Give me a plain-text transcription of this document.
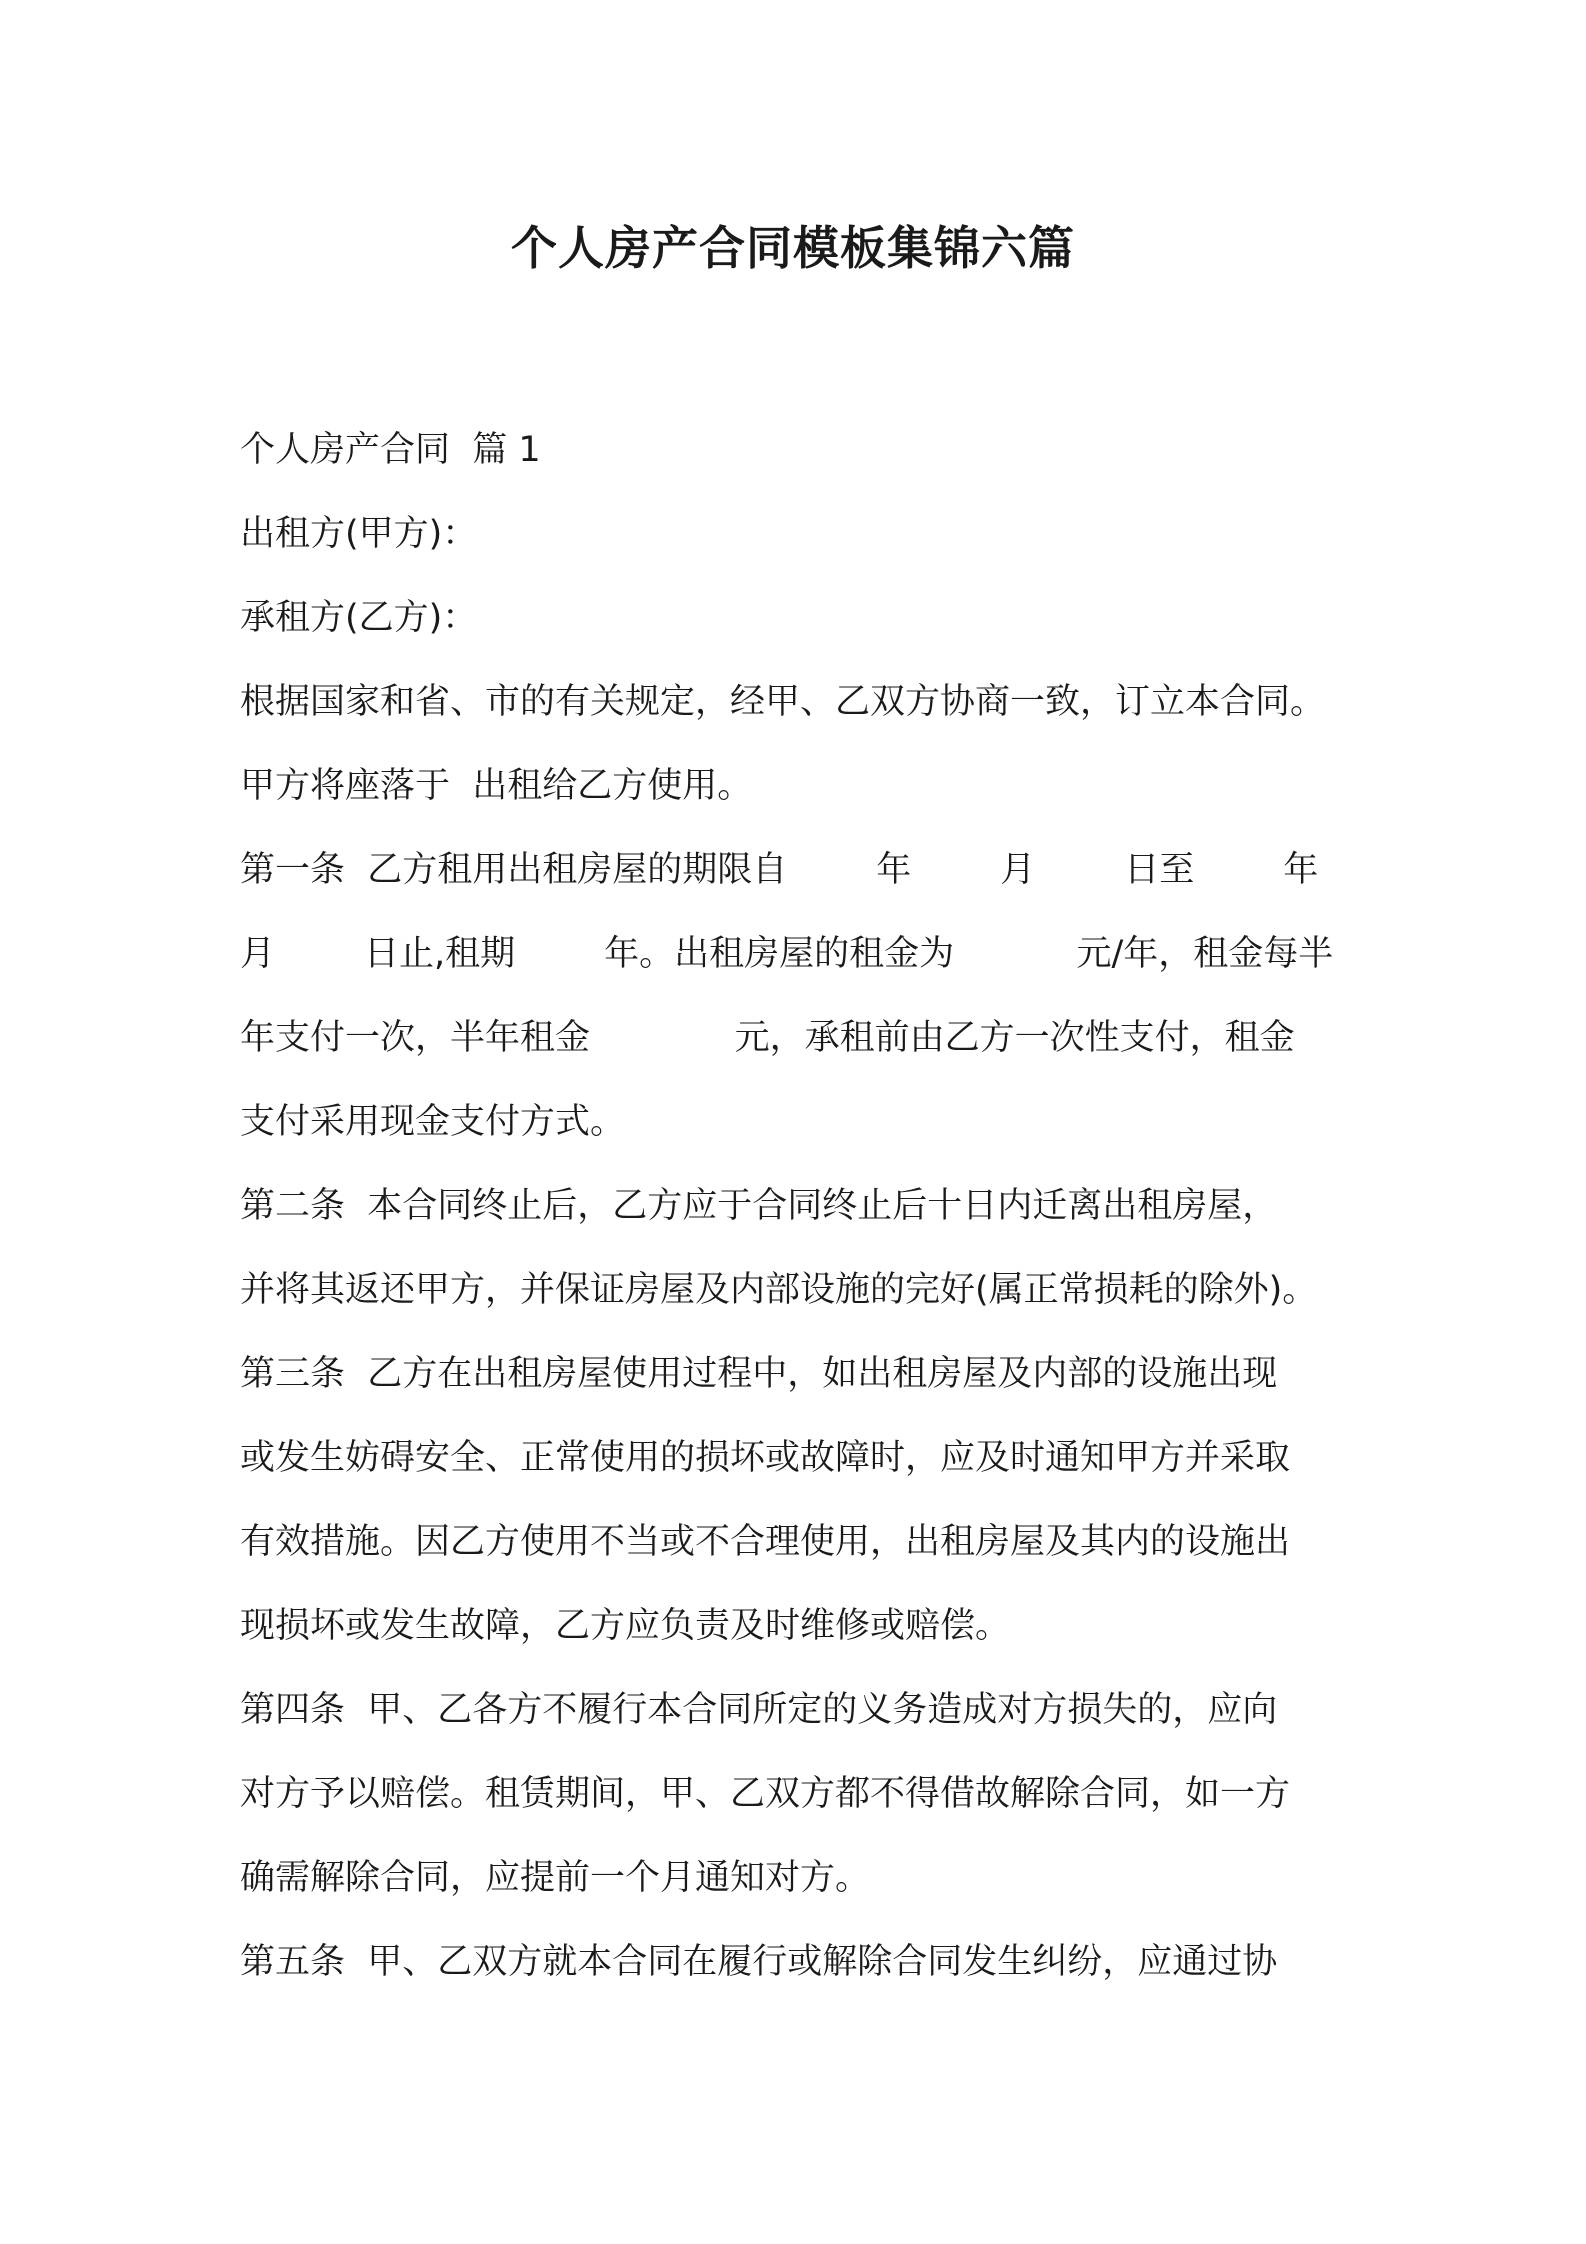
个人房产合同模板集锦六篇
个人房产合同  篇 1
出租方(甲方)：
承租方(乙方)：
根据国家和省、市的有关规定，经甲、乙双方协商一致，订立本合同。
甲方将座落于  出租给乙方使用。
第一条  乙方租用出租房屋的期限自        年        月        日至        年
月        日止,租期        年。出租房屋的租金为           元/年，租金每半
年支付一次，半年租金             元，承租前由乙方一次性支付，租金
支付采用现金支付方式。
第二条  本合同终止后，乙方应于合同终止后十日内迁离出租房屋，
并将其返还甲方，并保证房屋及内部设施的完好(属正常损耗的除外)。
第三条  乙方在出租房屋使用过程中，如出租房屋及内部的设施出现
或发生妨碍安全、正常使用的损坏或故障时，应及时通知甲方并采取
有效措施。因乙方使用不当或不合理使用，出租房屋及其内的设施出
现损坏或发生故障，乙方应负责及时维修或赔偿。
第四条  甲、乙各方不履行本合同所定的义务造成对方损失的，应向
对方予以赔偿。租赁期间，甲、乙双方都不得借故解除合同，如一方
确需解除合同，应提前一个月通知对方。
第五条  甲、乙双方就本合同在履行或解除合同发生纠纷，应通过协
